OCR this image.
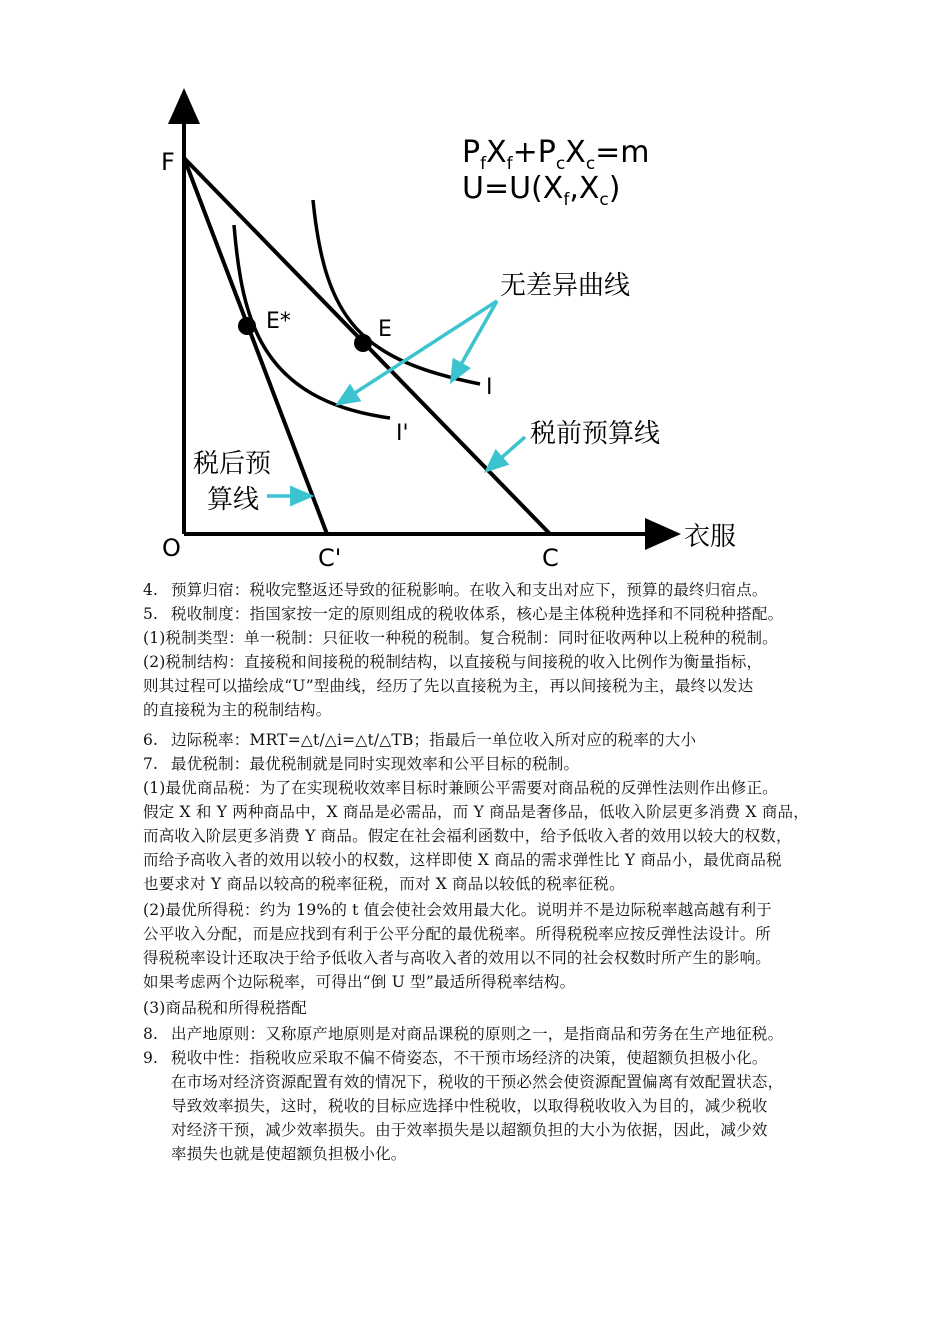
F
O	C'	C
E*	E
I
I'
衣服
$P_fX_f+P_cX_c=m$
$U=U(X_f,X_c)$
无差异曲线
税前预算线
税后预
算线
4. 预算归宿：税收完整返还导致的征税影响。在收入和支出对应下，预算的最终归宿点。
5. 税收制度：指国家按一定的原则组成的税收体系，核心是主体税种选择和不同税种搭配。
(1)税制类型：单一税制：只征收一种税的税制。复合税制：同时征收两种以上税种的税制。
(2)税制结构：直接税和间接税的税制结构，以直接税与间接税的收入比例作为衡量指标，
则其过程可以描绘成“U”型曲线，经历了先以直接税为主，再以间接税为主，最终以发达
的直接税为主的税制结构。
6. 边际税率：MRT=△t/△i=△t/△TB；指最后一单位收入所对应的税率的大小
7. 最优税制：最优税制就是同时实现效率和公平目标的税制。
(1)最优商品税：为了在实现税收效率目标时兼顾公平需要对商品税的反弹性法则作出修正。
假定 X 和 Y 两种商品中，X 商品是必需品，而 Y 商品是奢侈品，低收入阶层更多消费 X 商品，
而高收入阶层更多消费 Y 商品。假定在社会福利函数中，给予低收入者的效用以较大的权数，
而给予高收入者的效用以较小的权数，这样即使 X 商品的需求弹性比 Y 商品小，最优商品税
也要求对 Y 商品以较高的税率征税，而对 X 商品以较低的税率征税。
(2)最优所得税：约为 19%的 t 值会使社会效用最大化。说明并不是边际税率越高越有利于
公平收入分配，而是应找到有利于公平分配的最优税率。所得税税率应按反弹性法设计。所
得税税率设计还取决于给予低收入者与高收入者的效用以不同的社会权数时所产生的影响。
如果考虑两个边际税率，可得出“倒 U 型”最适所得税率结构。
(3)商品税和所得税搭配
8. 出产地原则：又称原产地原则是对商品课税的原则之一，是指商品和劳务在生产地征税。
9. 税收中性：指税收应采取不偏不倚姿态，不干预市场经济的决策，使超额负担极小化。
在市场对经济资源配置有效的情况下，税收的干预必然会使资源配置偏离有效配置状态，
导致效率损失，这时，税收的目标应选择中性税收，以取得税收收入为目的，减少税收
对经济干预，减少效率损失。由于效率损失是以超额负担的大小为依据，因此，减少效
率损失也就是使超额负担极小化。
